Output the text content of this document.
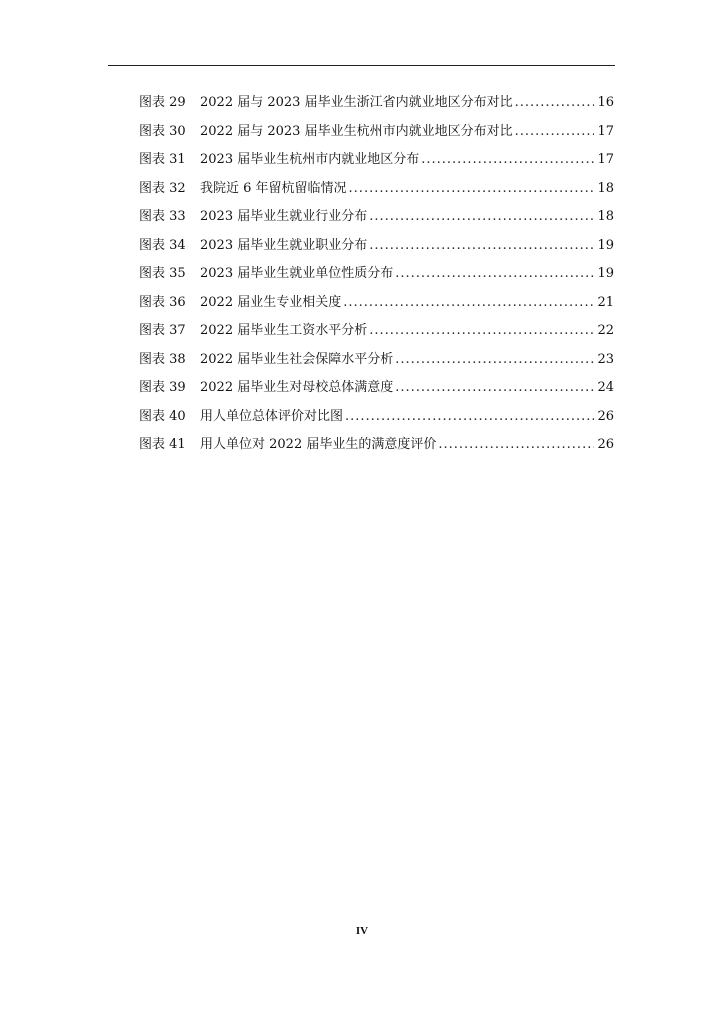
图表 29	2022 届与 2023 届毕业生浙江省内就业地区分布对比 .....	16
图表 30	2022 届与 2023 届毕业生杭州市内就业地区分布对比 .....	17
图表 31	2023 届毕业生杭州市内就业地区分布 .....	17
图表 32	我院近 6 年留杭留临情况 .....	18
图表 33	2023 届毕业生就业行业分布 .....	18
图表 34	2023 届毕业生就业职业分布 .....	19
图表 35	2023 届毕业生就业单位性质分布 .....	19
图表 36	2022 届业生专业相关度 .....	21
图表 37	2022 届毕业生工资水平分析 .....	22
图表 38	2022 届毕业生社会保障水平分析 .....	23
图表 39	2022 届毕业生对母校总体满意度 .....	24
图表 40	用人单位总体评价对比图 .....	26
图表 41	用人单位对 2022 届毕业生的满意度评价 .....	26
IV
